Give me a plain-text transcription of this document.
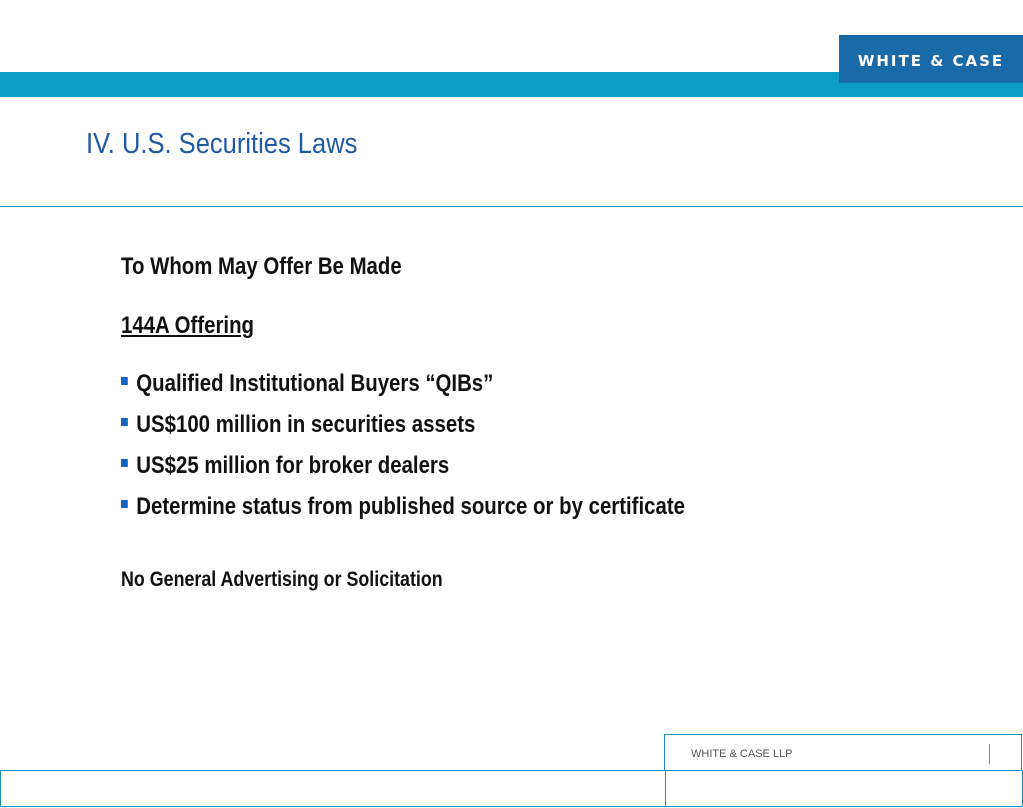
WHITE & CASE
IV. U.S. Securities Laws
To Whom May Offer Be Made
144A Offering
Qualified Institutional Buyers “QIBs”
US$100 million in securities assets
US$25 million for broker dealers
Determine status from published source or by certificate
No General Advertising or Solicitation
WHITE & CASE LLP
